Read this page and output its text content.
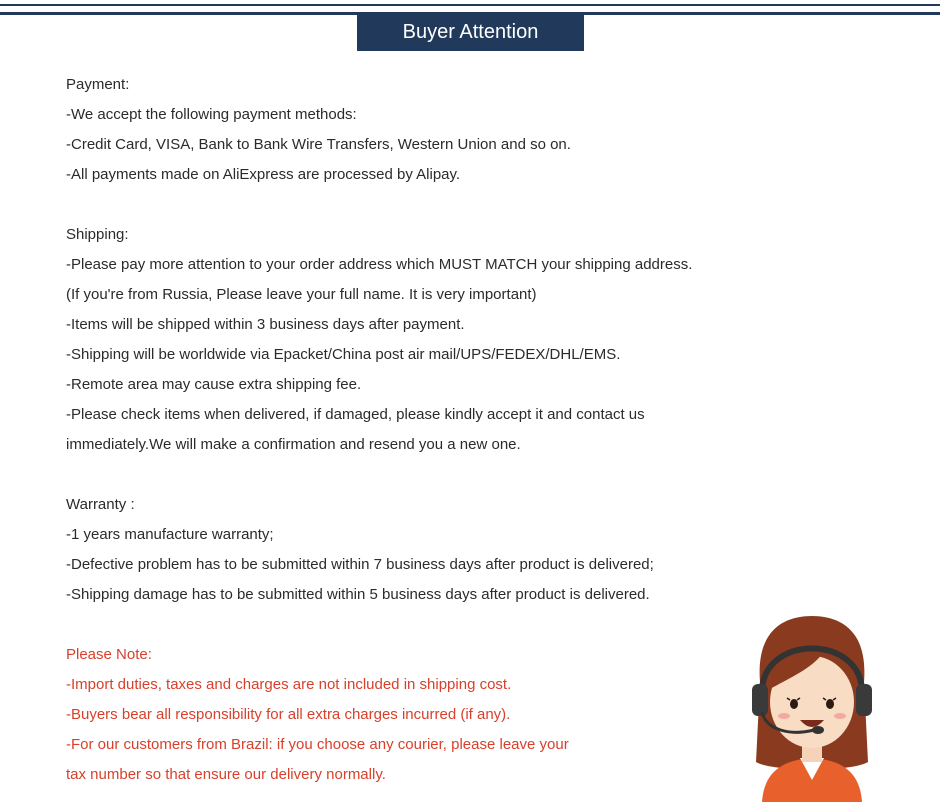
Buyer Attention
Payment:
-We accept the following payment methods:
-Credit Card, VISA, Bank to Bank Wire Transfers, Western Union and so on.
-All payments made on AliExpress are processed by Alipay.
Shipping:
-Please pay more attention to your order address which MUST MATCH your shipping address.
(If you're from Russia, Please leave your full name. It is very important)
-Items will be shipped within 3 business days after payment.
-Shipping will be worldwide via Epacket/China post air mail/UPS/FEDEX/DHL/EMS.
-Remote area may cause extra shipping fee.
-Please check items when delivered, if damaged, please kindly accept it and contact us
immediately.We will make a confirmation and resend you a new one.
Warranty :
-1 years manufacture warranty;
-Defective problem has to be submitted within 7 business days after product is delivered;
-Shipping damage has to be submitted within 5 business days after product is delivered.
Please Note:
-Import duties, taxes and charges are not included in shipping cost.
-Buyers bear all responsibility for all extra charges incurred (if any).
-For our customers from Brazil: if you choose any courier, please leave your
tax number so that ensure our delivery normally.
